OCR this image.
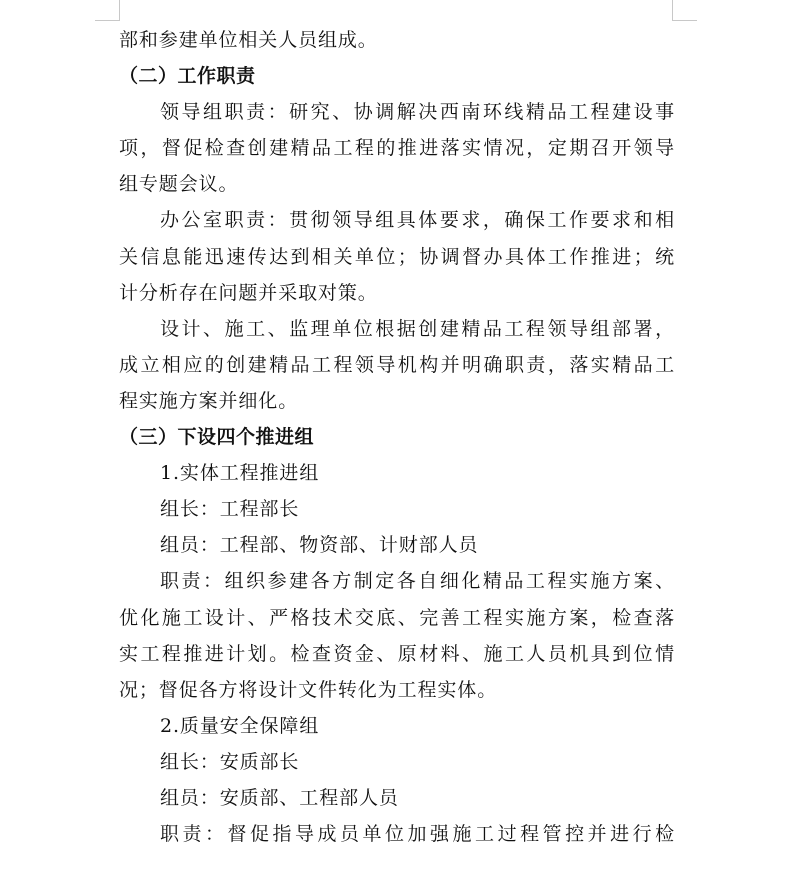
部和参建单位相关人员组成。
（二）工作职责
领导组职责：研究、协调解决西南环线精品工程建设事
项，督促检查创建精品工程的推进落实情况，定期召开领导
组专题会议。
办公室职责：贯彻领导组具体要求，确保工作要求和相
关信息能迅速传达到相关单位；协调督办具体工作推进；统
计分析存在问题并采取对策。
设计、施工、监理单位根据创建精品工程领导组部署，
成立相应的创建精品工程领导机构并明确职责，落实精品工
程实施方案并细化。
（三）下设四个推进组
1.实体工程推进组
组长：工程部长
组员：工程部、物资部、计财部人员
职责：组织参建各方制定各自细化精品工程实施方案、
优化施工设计、严格技术交底、完善工程实施方案，检查落
实工程推进计划。检查资金、原材料、施工人员机具到位情
况；督促各方将设计文件转化为工程实体。
2.质量安全保障组
组长：安质部长
组员：安质部、工程部人员
职责：督促指导成员单位加强施工过程管控并进行检
